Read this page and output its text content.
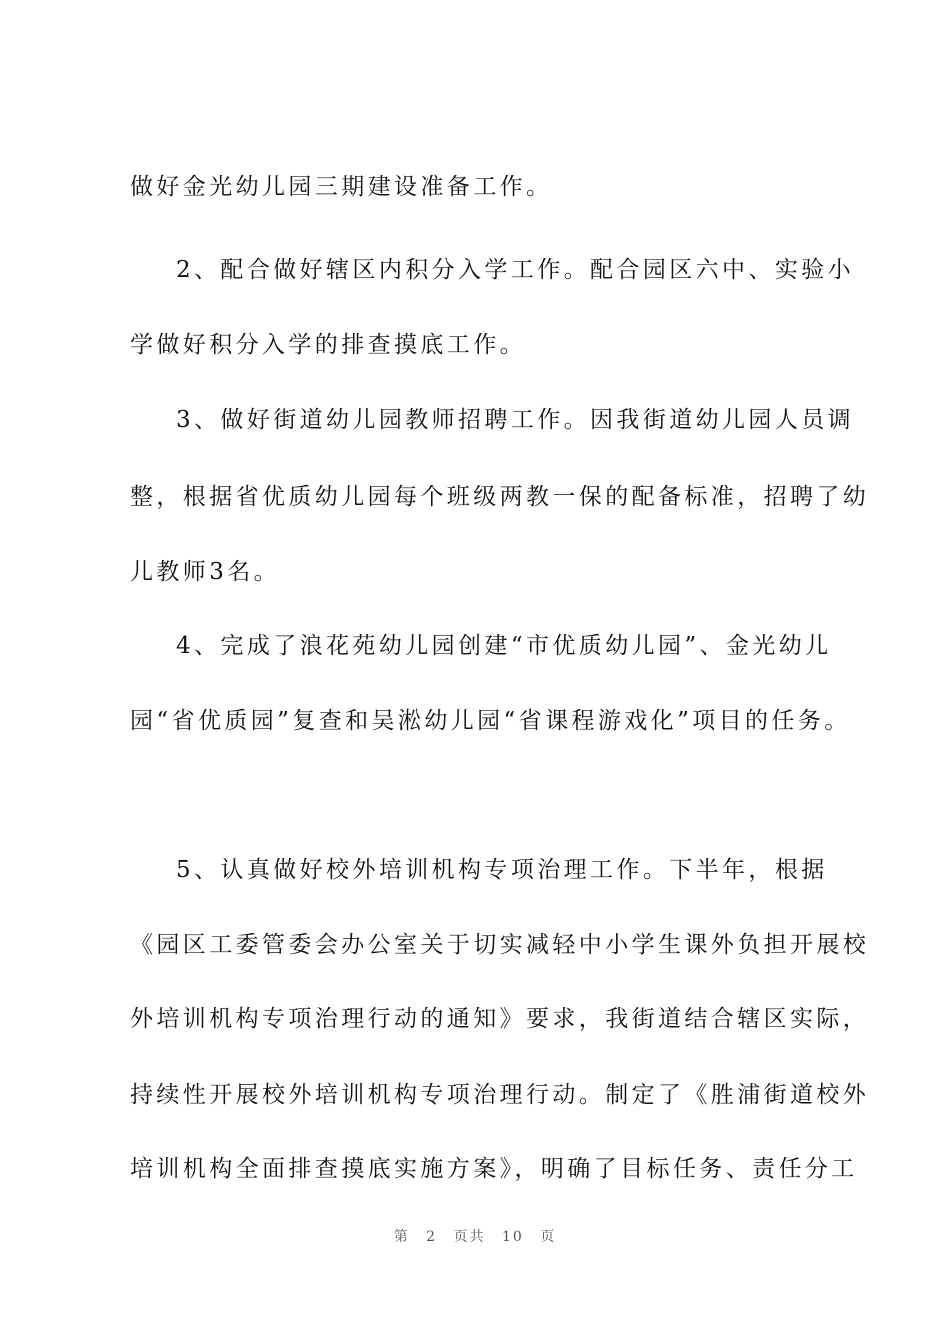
做好金光幼儿园三期建设准备工作。
2、配合做好辖区内积分入学工作。配合园区六中、实验小
学做好积分入学的排查摸底工作。
3、做好街道幼儿园教师招聘工作。因我街道幼儿园人员调
整，根据省优质幼儿园每个班级两教一保的配备标准，招聘了幼
儿教师3名。
4、完成了浪花苑幼儿园创建“市优质幼儿园”、金光幼儿
园“省优质园”复查和吴淞幼儿园“省课程游戏化”项目的任务。
5、认真做好校外培训机构专项治理工作。下半年，根据
《园区工委管委会办公室关于切实减轻中小学生课外负担开展校
外培训机构专项治理行动的通知》要求，我街道结合辖区实际，
持续性开展校外培训机构专项治理行动。制定了《胜浦街道校外
培训机构全面排查摸底实施方案》，明确了目标任务、责任分工
第 2 页共 10 页
